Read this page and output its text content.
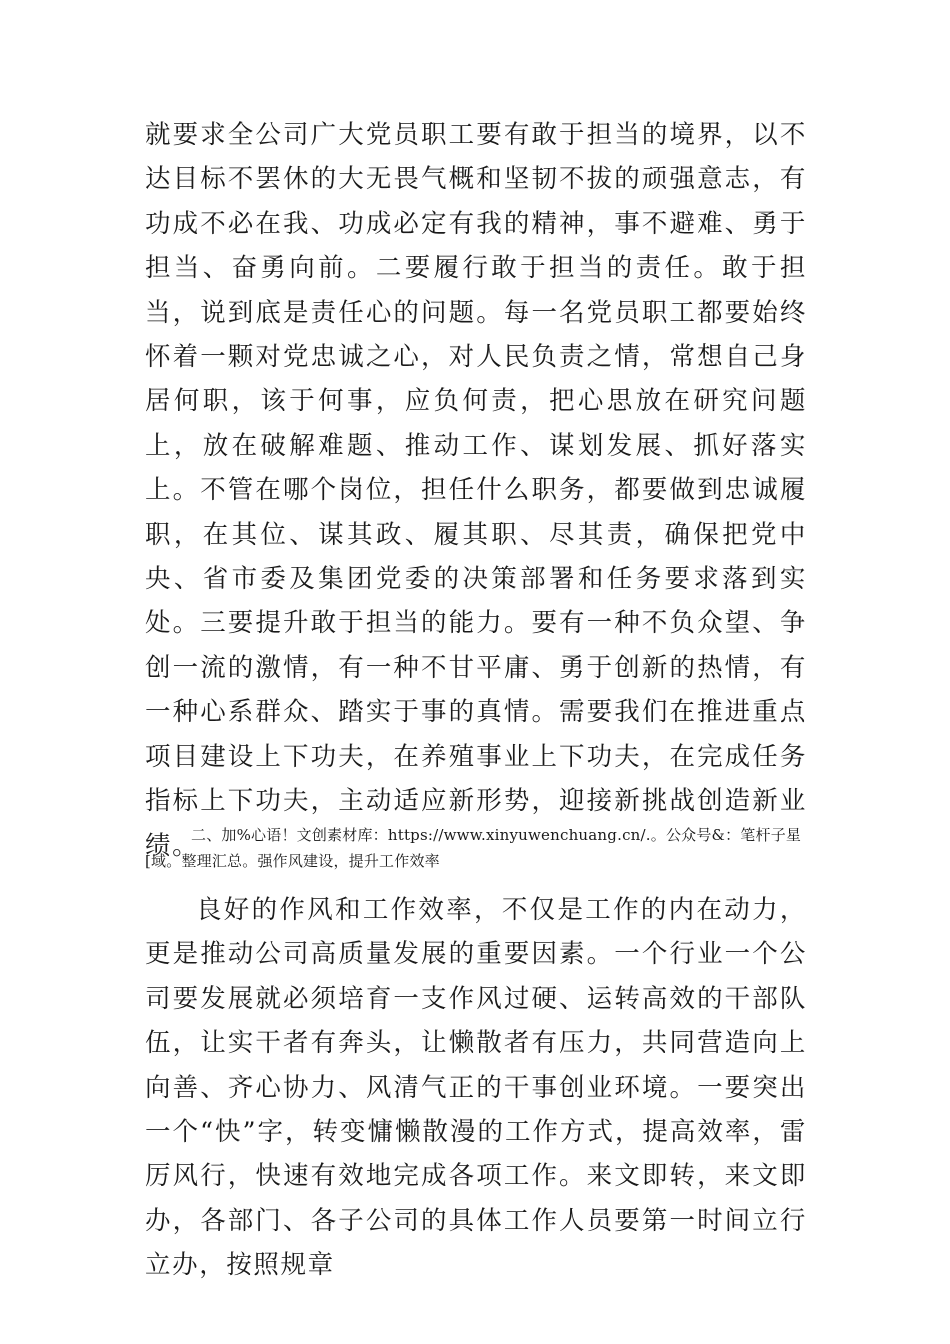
就要求全公司广大党员职工要有敢于担当的境界，以不达目标不罢休的大无畏气概和坚韧不拔的顽强意志，有功成不必在我、功成必定有我的精神，事不避难、勇于担当、奋勇向前。二要履行敢于担当的责任。敢于担当，说到底是责任心的问题。每一名党员职工都要始终怀着一颗对党忠诚之心，对人民负责之情，常想自己身居何职，该于何事，应负何责，把心思放在研究问题上，放在破解难题、推动工作、谋划发展、抓好落实上。不管在哪个岗位，担任什么职务，都要做到忠诚履职，在其位、谋其政、履其职、尽其责，确保把党中央、省市委及集团党委的决策部署和任务要求落到实处。三要提升敢于担当的能力。要有一种不负众望、争创一流的激情，有一种不甘平庸、勇于创新的热情，有一种心系群众、踏实于事的真情。需要我们在推进重点项目建设上下功夫，在养殖事业上下功夫，在完成任务指标上下功夫，主动适应新形势，迎接新挑战创造新业绩。

二、加%心语！文创素材库：https://www.xinyuwenchuang.cn/.。公众号&：笔杆子星[域。整理汇总。强作风建设，提升工作效率

良好的作风和工作效率，不仅是工作的内在动力，更是推动公司高质量发展的重要因素。一个行业一个公司要发展就必须培育一支作风过硬、运转高效的干部队伍，让实干者有奔头，让懒散者有压力，共同营造向上向善、齐心协力、风清气正的干事创业环境。一要突出一个“快”字，转变慵懒散漫的工作方式，提高效率，雷厉风行，快速有效地完成各项工作。来文即转，来文即办，各部门、各子公司的具体工作人员要第一时间立行立办，按照规章
